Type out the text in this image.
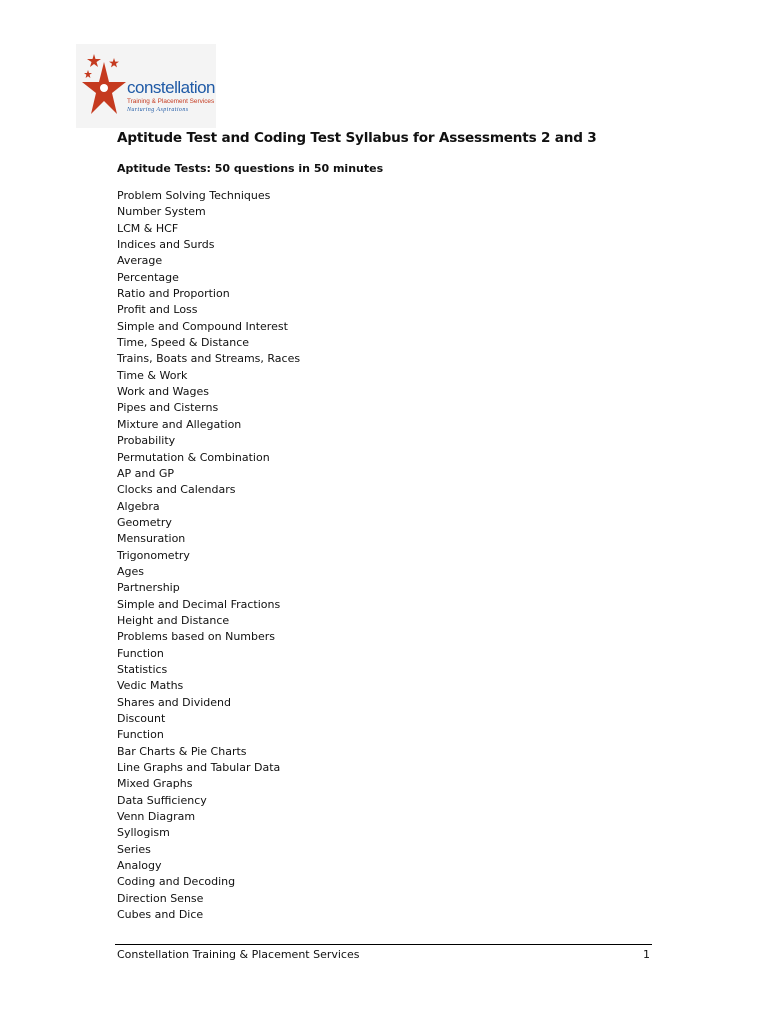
constellation
Training & Placement Services
Nurturing Aspirations
Aptitude Test and Coding Test Syllabus for Assessments 2 and 3
Aptitude Tests: 50 questions in 50 minutes
Problem Solving Techniques
Number System
LCM & HCF
Indices and Surds
Average
Percentage
Ratio and Proportion
Profit and Loss
Simple and Compound Interest
Time, Speed & Distance
Trains, Boats and Streams, Races
Time & Work
Work and Wages
Pipes and Cisterns
Mixture and Allegation
Probability
Permutation & Combination
AP and GP
Clocks and Calendars
Algebra
Geometry
Mensuration
Trigonometry
Ages
Partnership
Simple and Decimal Fractions
Height and Distance
Problems based on Numbers
Function
Statistics
Vedic Maths
Shares and Dividend
Discount
Function
Bar Charts & Pie Charts
Line Graphs and Tabular Data
Mixed Graphs
Data Sufficiency
Venn Diagram
Syllogism
Series
Analogy
Coding and Decoding
Direction Sense
Cubes and Dice
Constellation Training & Placement Services	1
